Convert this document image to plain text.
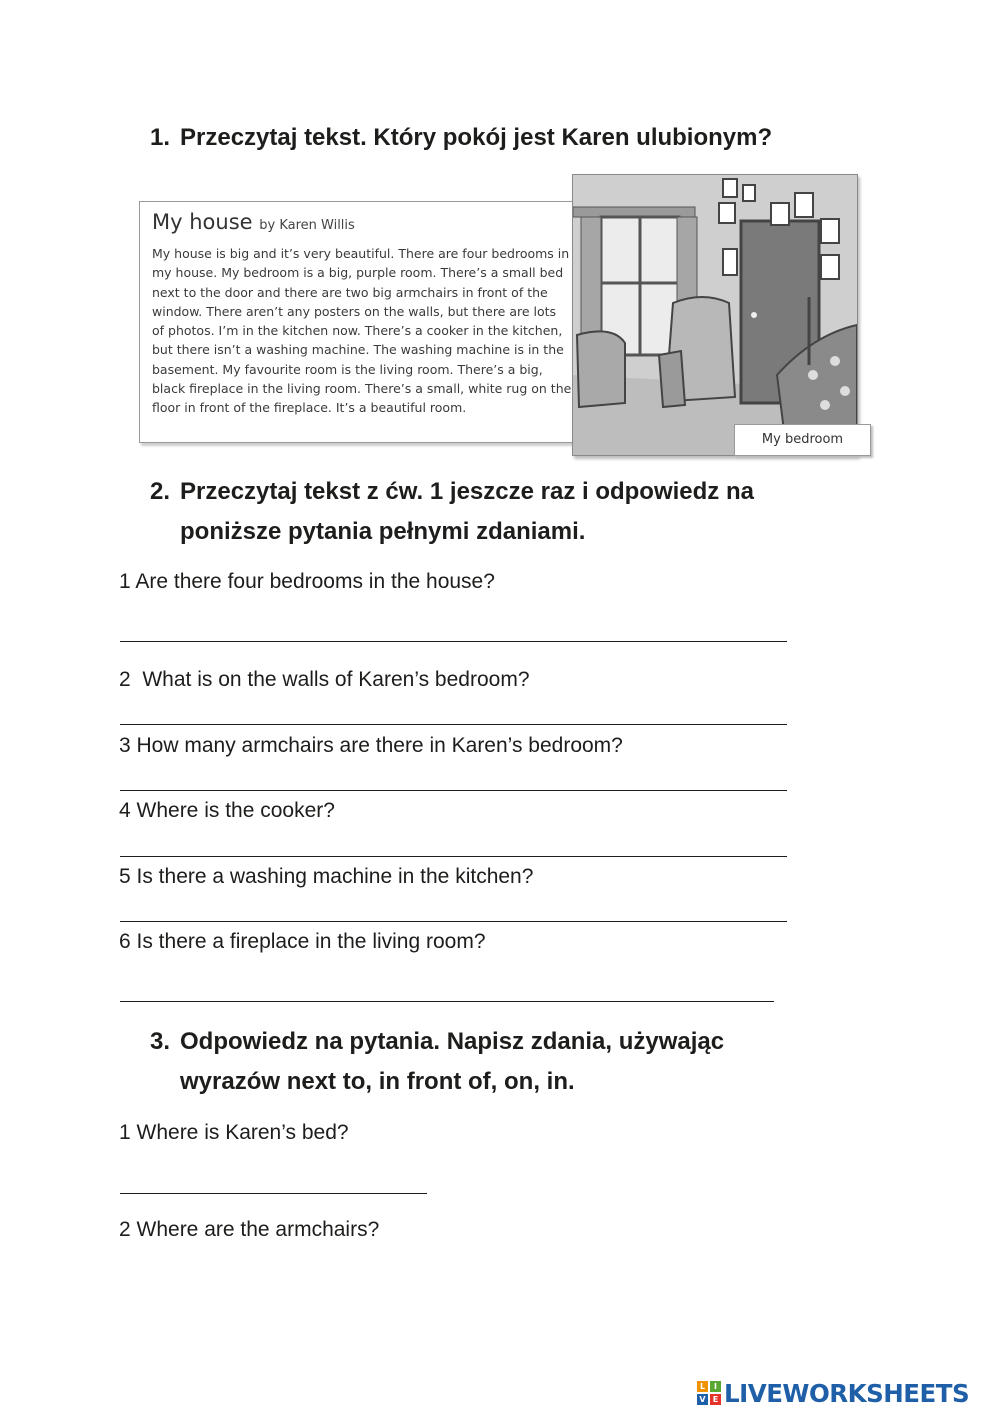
1. Przeczytaj tekst. Który pokój jest Karen ulubionym?
My house by Karen Willis

My house is big and it’s very beautiful. There are four bedrooms in my house. My bedroom is a big, purple room. There’s a small bed next to the door and there are two big armchairs in front of the window. There aren’t any posters on the walls, but there are lots of photos. I’m in the kitchen now. There’s a cooker in the kitchen, but there isn’t a washing machine. The washing machine is in the basement. My favourite room is the living room. There’s a big, black fireplace in the living room. There’s a small, white rug on the floor in front of the fireplace. It’s a beautiful room.

My bedroom
2. Przeczytaj tekst z ćw. 1 jeszcze raz i odpowiedz na
poniższe pytania pełnymi zdaniami.

1 Are there four bedrooms in the house?

2  What is on the walls of Karen’s bedroom?

3 How many armchairs are there in Karen’s bedroom?

4 Where is the cooker?

5 Is there a washing machine in the kitchen?

6 Is there a fireplace in the living room?

3. Odpowiedz na pytania. Napisz zdania, używając
wyrazów next to, in front of, on, in.

1 Where is Karen’s bed?

2 Where are the armchairs?

L	I
V E LIVEWORKSHEETS
